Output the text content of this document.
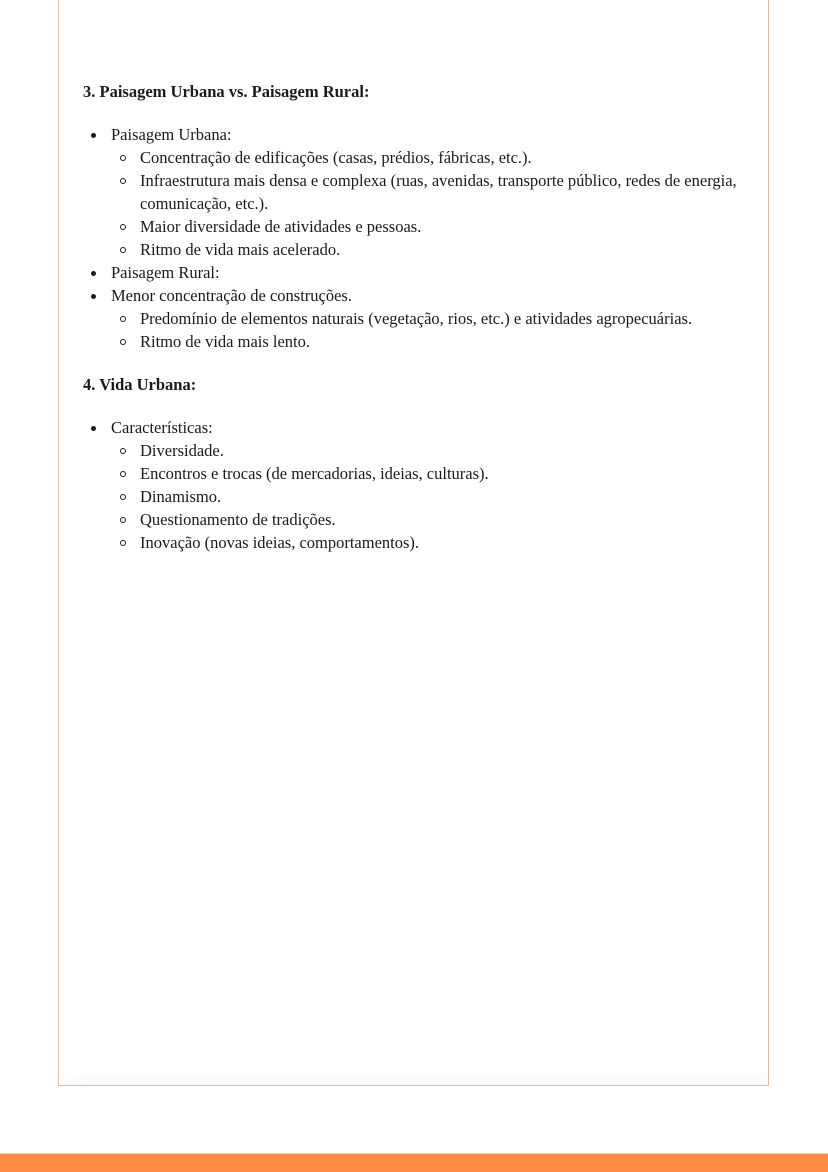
3. Paisagem Urbana vs. Paisagem Rural:
Paisagem Urbana:
Concentração de edificações (casas, prédios, fábricas, etc.).
Infraestrutura mais densa e complexa (ruas, avenidas, transporte público, redes de energia, comunicação, etc.).
Maior diversidade de atividades e pessoas.
Ritmo de vida mais acelerado.
Paisagem Rural:
Menor concentração de construções.
Predomínio de elementos naturais (vegetação, rios, etc.) e atividades agropecuárias.
Ritmo de vida mais lento.
4. Vida Urbana:
Características:
Diversidade.
Encontros e trocas (de mercadorias, ideias, culturas).
Dinamismo.
Questionamento de tradições.
Inovação (novas ideias, comportamentos).
